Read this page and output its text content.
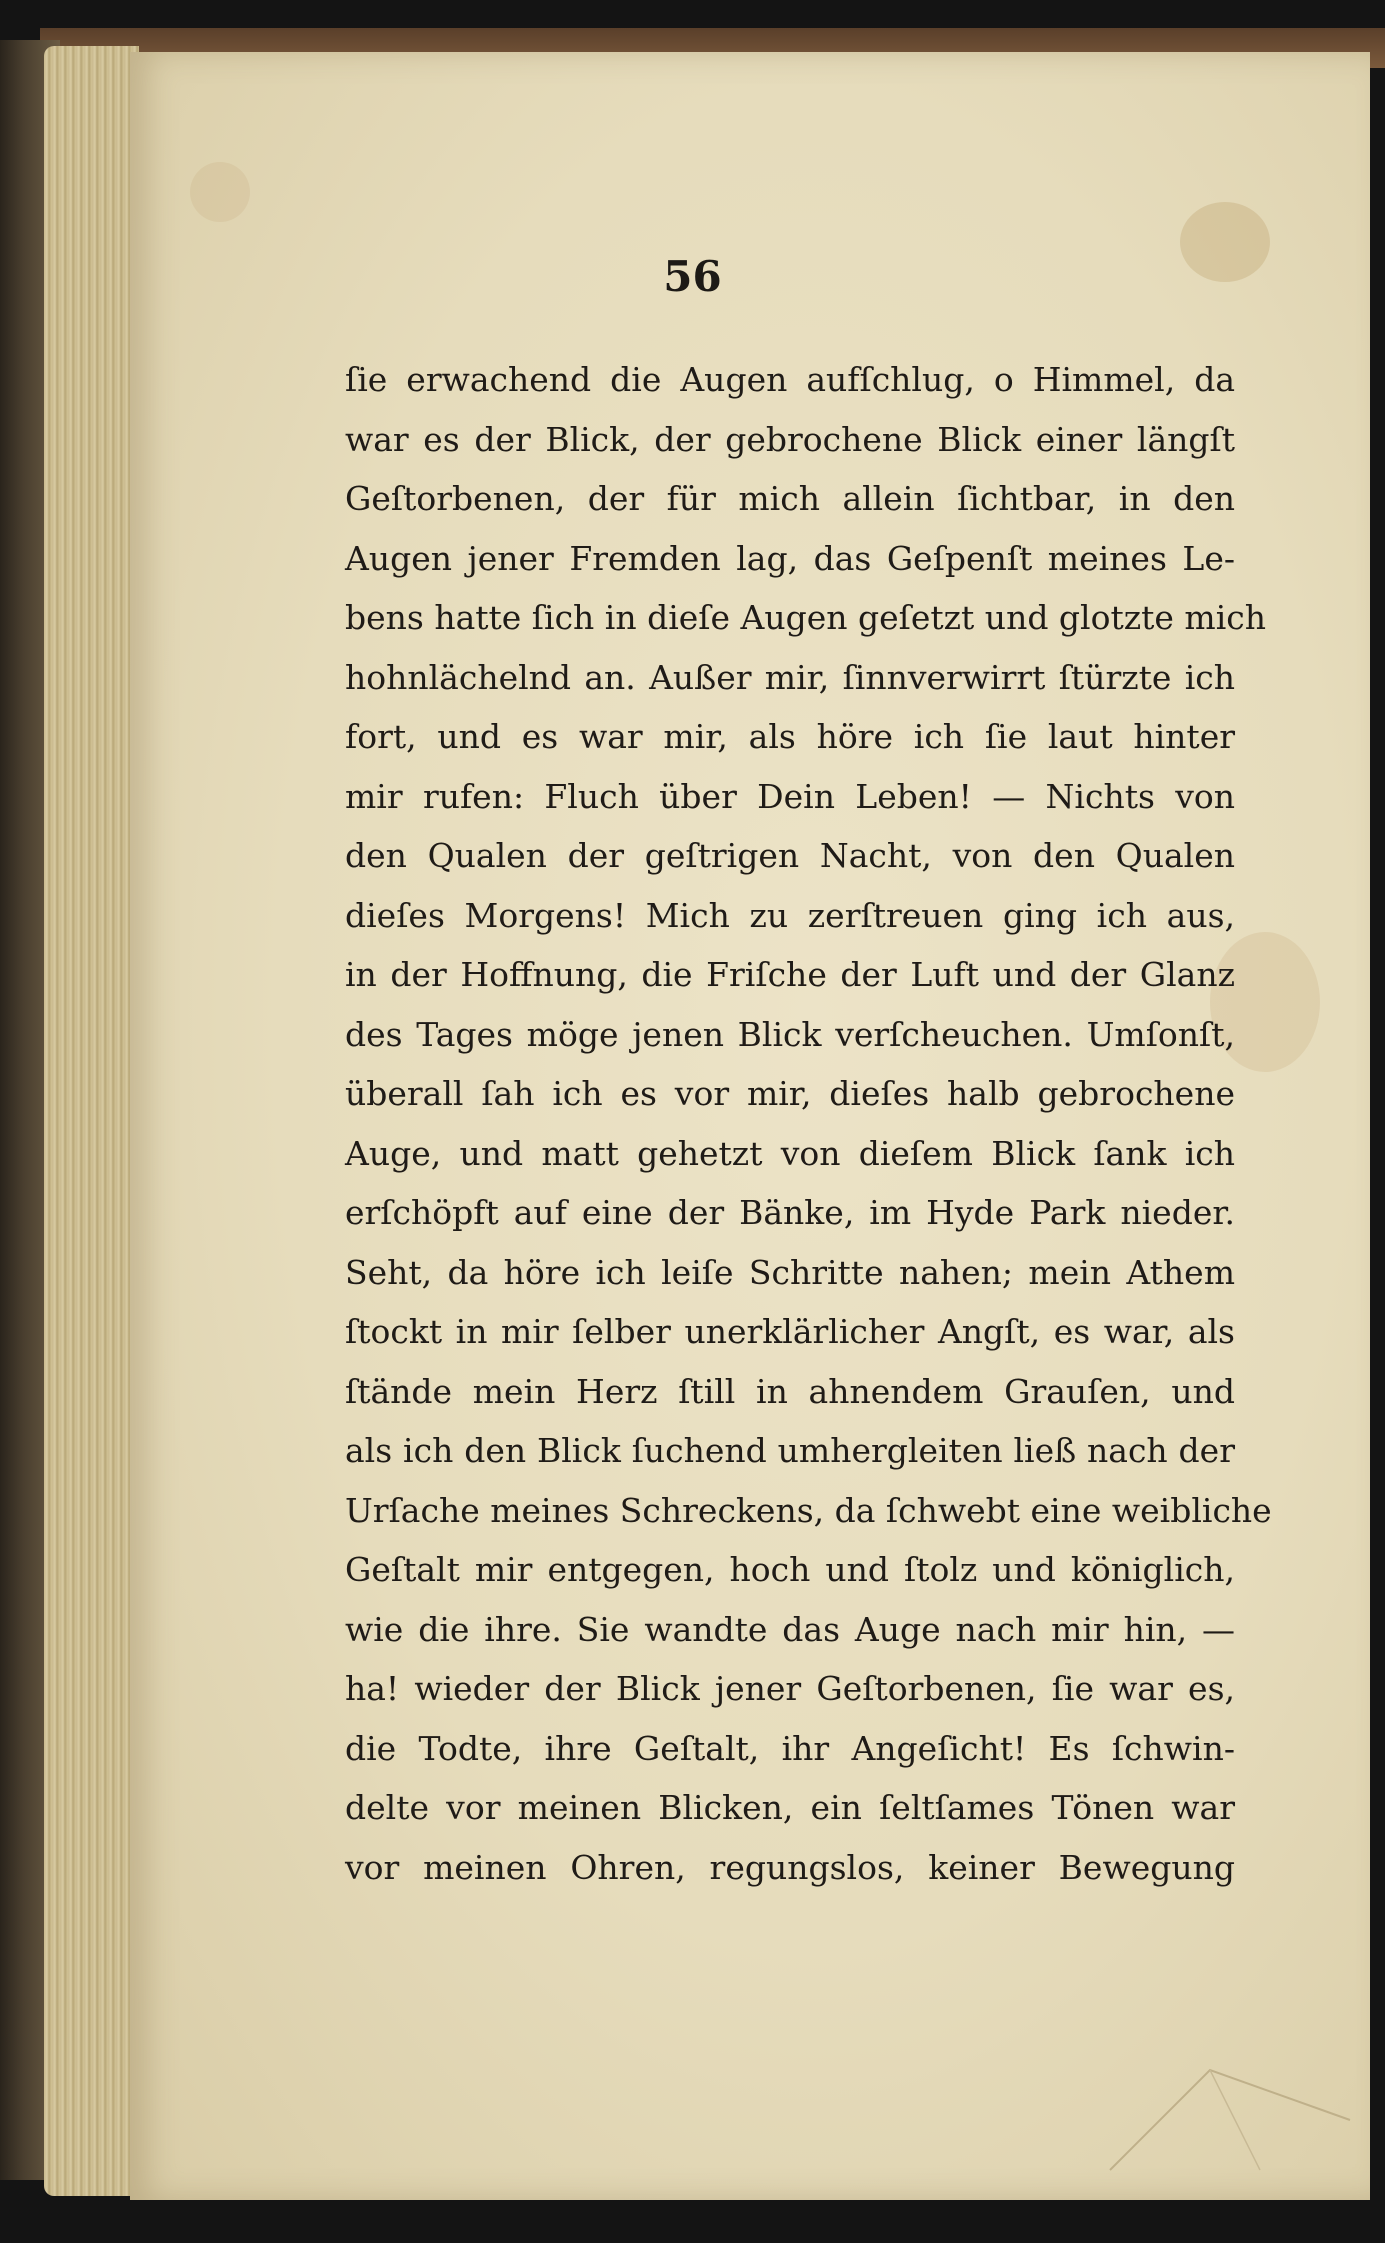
56
ſie erwachend die Augen aufſchlug, o Himmel, da
war es der Blick, der gebrochene Blick einer längſt
Geſtorbenen, der für mich allein ſichtbar, in den
Augen jener Fremden lag, das Geſpenſt meines Le-
bens hatte ſich in dieſe Augen geſetzt und glotzte mich
hohnlächelnd an. Außer mir, ſinnverwirrt ſtürzte ich
fort, und es war mir, als höre ich ſie laut hinter
mir rufen: Fluch über Dein Leben! — Nichts von
den Qualen der geſtrigen Nacht, von den Qualen
dieſes Morgens! Mich zu zerſtreuen ging ich aus,
in der Hoffnung, die Friſche der Luft und der Glanz
des Tages möge jenen Blick verſcheuchen. Umſonſt,
überall ſah ich es vor mir, dieſes halb gebrochene
Auge, und matt gehetzt von dieſem Blick ſank ich
erſchöpft auf eine der Bänke, im Hyde Park nieder.
Seht, da höre ich leiſe Schritte nahen; mein Athem
ſtockt in mir ſelber unerklärlicher Angſt, es war, als
ſtände mein Herz ſtill in ahnendem Grauſen, und
als ich den Blick ſuchend umhergleiten ließ nach der
Urſache meines Schreckens, da ſchwebt eine weibliche
Geſtalt mir entgegen, hoch und ſtolz und königlich,
wie die ihre. Sie wandte das Auge nach mir hin, —
ha! wieder der Blick jener Geſtorbenen, ſie war es,
die Todte, ihre Geſtalt, ihr Angeſicht! Es ſchwin-
delte vor meinen Blicken, ein ſeltſames Tönen war
vor meinen Ohren, regungslos, keiner Bewegung
